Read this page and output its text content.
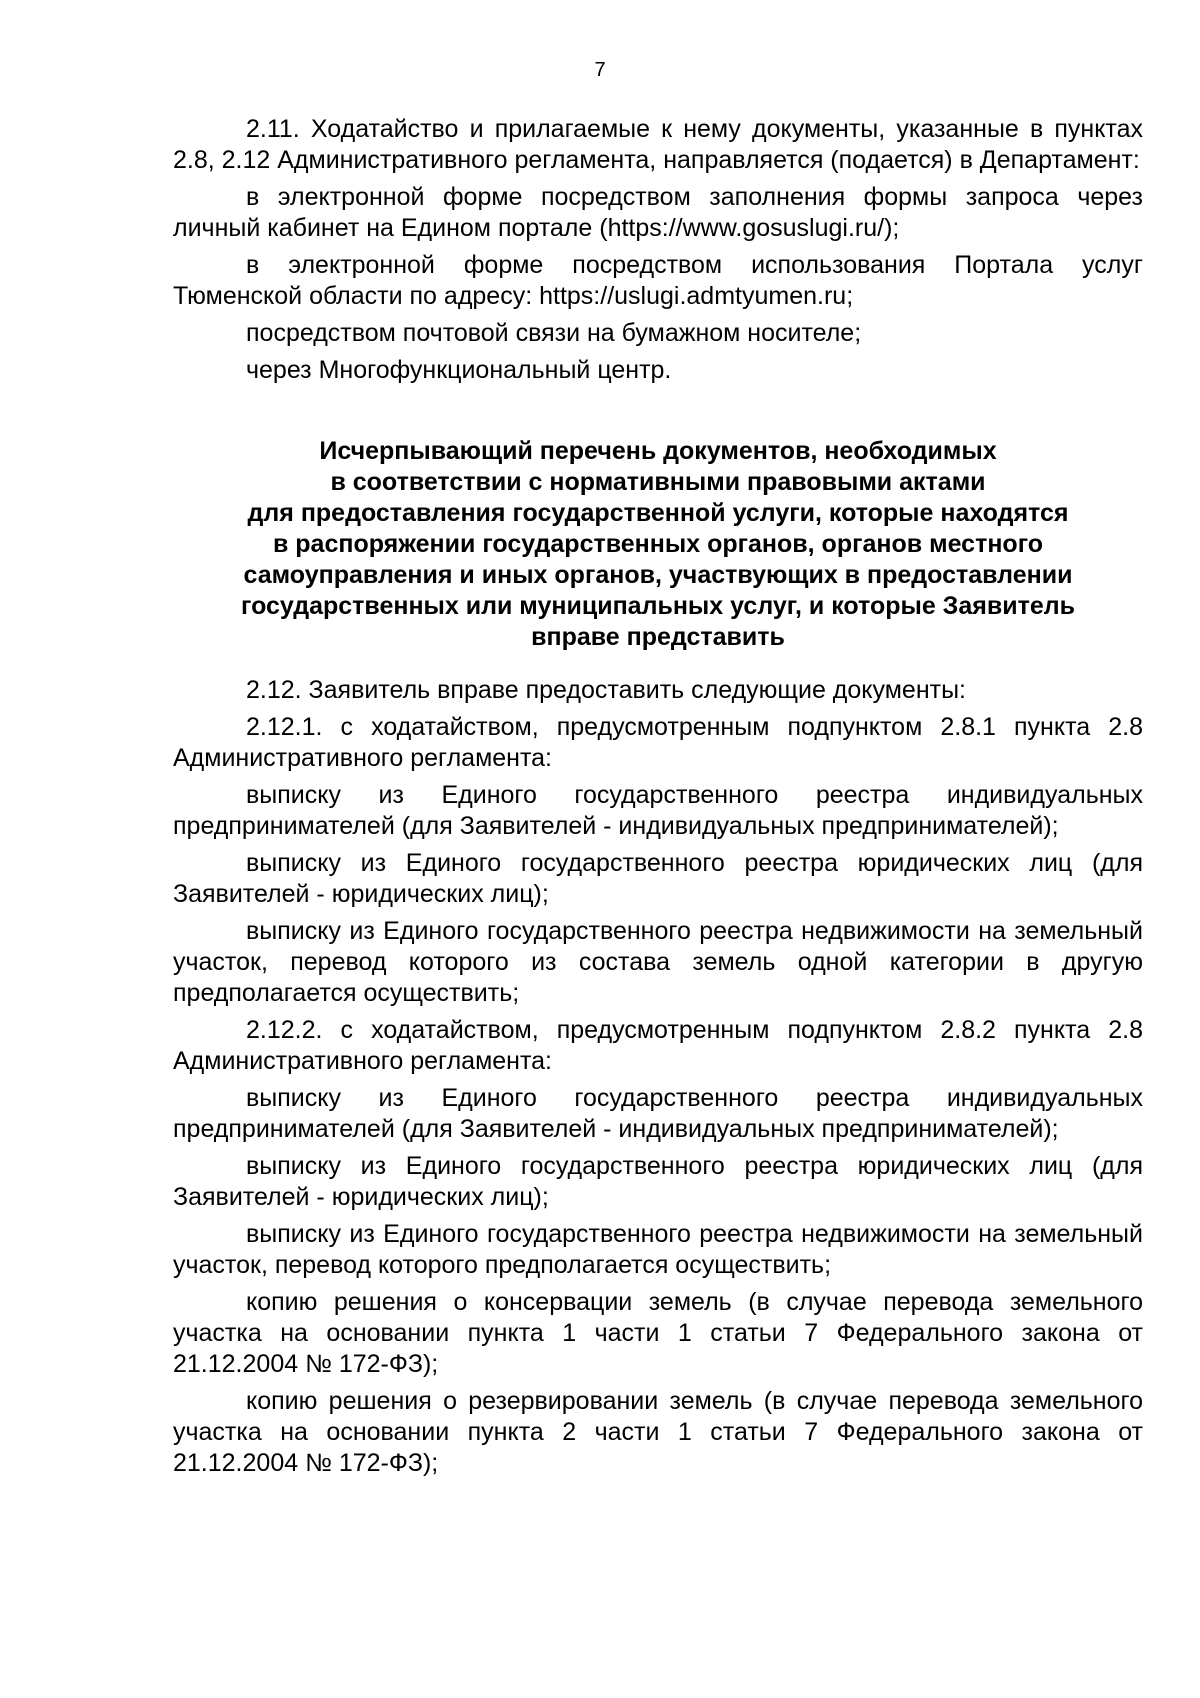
7

2.11. Ходатайство и прилагаемые к нему документы, указанные в пунктах 2.8, 2.12 Административного регламента, направляется (подается) в Департамент:

в электронной форме посредством заполнения формы запроса через личный кабинет на Едином портале (https://www.gosuslugi.ru/);

в электронной форме посредством использования Портала услуг Тюменской области по адресу: https://uslugi.admtyumen.ru;

посредством почтовой связи на бумажном носителе;

через Многофункциональный центр.

Исчерпывающий перечень документов, необходимых
в соответствии с нормативными правовыми актами
для предоставления государственной услуги, которые находятся
в распоряжении государственных органов, органов местного
самоуправления и иных органов, участвующих в предоставлении
государственных или муниципальных услуг, и которые Заявитель
вправе представить

2.12. Заявитель вправе предоставить следующие документы:

2.12.1. с ходатайством, предусмотренным подпунктом 2.8.1 пункта 2.8 Административного регламента:

выписку из Единого государственного реестра индивидуальных предпринимателей (для Заявителей - индивидуальных предпринимателей);

выписку из Единого государственного реестра юридических лиц (для Заявителей - юридических лиц);

выписку из Единого государственного реестра недвижимости на земельный участок, перевод которого из состава земель одной категории в другую предполагается осуществить;

2.12.2. с ходатайством, предусмотренным подпунктом 2.8.2 пункта 2.8 Административного регламента:

выписку из Единого государственного реестра индивидуальных предпринимателей (для Заявителей - индивидуальных предпринимателей);

выписку из Единого государственного реестра юридических лиц (для Заявителей - юридических лиц);

выписку из Единого государственного реестра недвижимости на земельный участок, перевод которого предполагается осуществить;

копию решения о консервации земель (в случае перевода земельного участка на основании пункта 1 части 1 статьи 7 Федерального закона от 21.12.2004 № 172-ФЗ);

копию решения о резервировании земель (в случае перевода земельного участка на основании пункта 2 части 1 статьи 7 Федерального закона от 21.12.2004 № 172-ФЗ);
